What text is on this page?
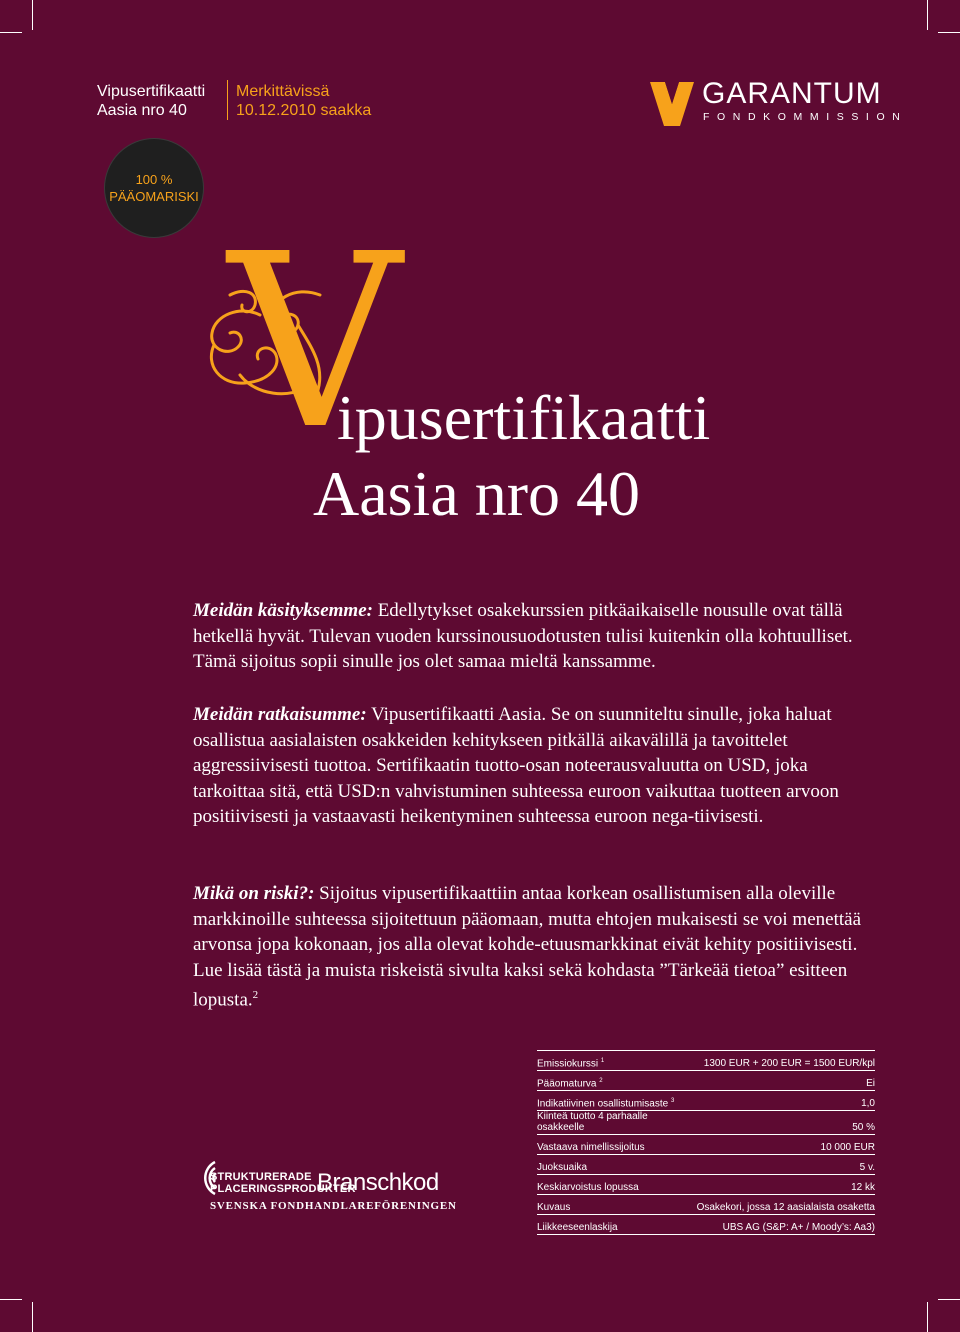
Vipusertifikaatti
Aasia nro 40
Merkittävissä
10.12.2010 saakka
GARANTUM
FONDKOMMISSION
100 %
PÄÄOMARISKI
V
ipusertifikaatti
Aasia nro 40

Meidän käsityksemme: Edellytykset osakekurssien pitkäaikaiselle nousulle ovat tällä hetkellä hyvät. Tulevan vuoden kurssinousuodotusten tulisi kuitenkin olla kohtuulliset. Tämä sijoitus sopii sinulle jos olet samaa mieltä kanssamme.

Meidän ratkaisumme: Vipusertifikaatti Aasia. Se on suunniteltu sinulle, joka haluat osallistua aasialaisten osakkeiden kehitykseen pitkällä aikavälillä ja tavoittelet aggressiivisesti tuottoa. Sertifikaatin tuotto-osan noteerausvaluutta on USD, joka tarkoittaa sitä, että USD:n vahvistuminen suhteessa euroon vaikuttaa tuotteen arvoon positiivisesti ja vastaavasti heikentyminen suhteessa euroon nega-tiivisesti.

Mikä on riski?: Sijoitus vipusertifikaattiin antaa korkean osallistumisen alla oleville markkinoille suhteessa sijoitettuun pääomaan, mutta ehtojen mukaisesti se voi menettää arvonsa jopa kokonaan, jos alla olevat kohde-etuusmarkkinat eivät kehity positiivisesti. Lue lisää tästä ja muista riskeistä sivulta kaksi sekä kohdasta ”Tärkeää tietoa” esitteen lopusta.$^2$

Emissiokurssi $^1$	1300 EUR + 200 EUR = 1500 EUR/kpl
Pääomaturva $^2$	Ei
Indikatiivinen osallistumisaste $^3$	1,0
Kiinteä tuotto 4 parhaalle osakkeelle	50 %
Vastaava nimellissijoitus	10 000 EUR
Juoksuaika	5 v.
Keskiarvoistus lopussa	12 kk
Kuvaus	Osakekori, jossa 12 aasialaista osaketta
Liikkeeseenlaskija	UBS AG (S&P: A+ / Moody’s: Aa3)
STRUKTURERADE
PLACERINGSPRODUKTER
Branschkod
SVENSKA FONDHANDLAREFÖRENINGEN
